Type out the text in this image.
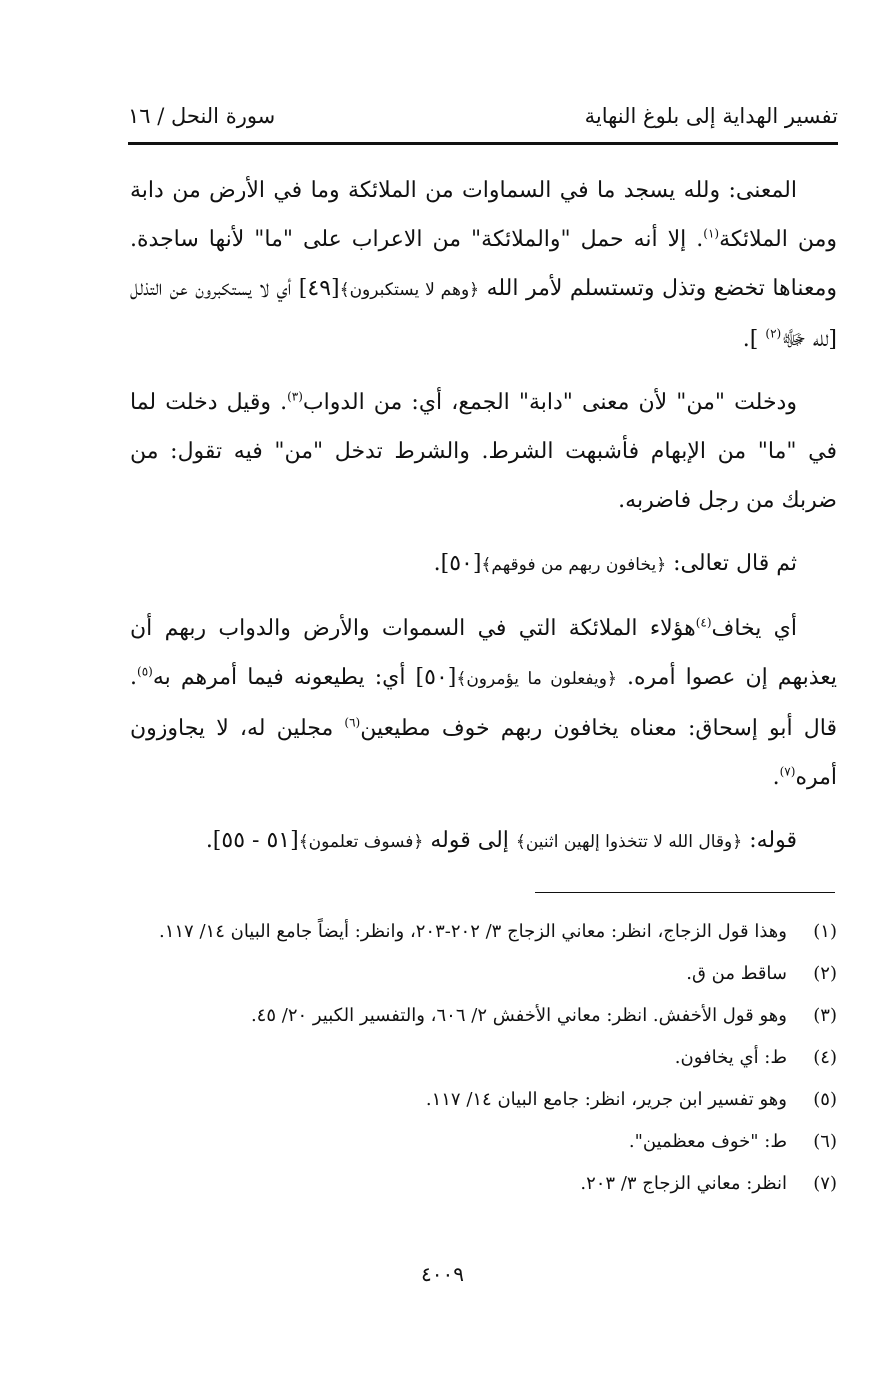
تفسير الهداية إلى بلوغ النهاية
سورة النحل / ١٦

المعنى: ولله يسجد ما في السماوات من الملائكة وما في الأرض من دابة ومن الملائكة$^{(١)}$. إلا أنه حمل "والملائكة" من الاعراب على "ما" لأنها ساجدة. ومعناها تخضع وتذل وتستسلم لأمر الله ﴿وهم لا يستكبرون﴾[٤٩] أي لا يستكبرون عن التذلل [لله ﷻ$^{(٢)}$ ].

ودخلت "من" لأن معنى "دابة" الجمع، أي: من الدواب$^{(٣)}$. وقيل دخلت لما في "ما" من الإبهام فأشبهت الشرط. والشرط تدخل "من" فيه تقول: من ضربك من رجل فاضربه.

ثم قال تعالى: ﴿يخافون ربهم من فوقهم﴾[٥٠].

أي يخاف$^{(٤)}$هؤلاء الملائكة التي في السموات والأرض والدواب ربهم أن يعذبهم إن عصوا أمره. ﴿ويفعلون ما يؤمرون﴾[٥٠] أي: يطيعونه فيما أمرهم به$^{(٥)}$. قال أبو إسحاق: معناه يخافون ربهم خوف مطيعين$^{(٦)}$ مجلين له، لا يجاوزون أمره$^{(٧)}$.

قوله: ﴿وقال الله لا تتخذوا إلهين اثنين﴾ إلى قوله ﴿فسوف تعلمون﴾[٥١ - ٥٥].

(١)
وهذا قول الزجاج، انظر: معاني الزجاج ٣/ ٢٠٢-٢٠٣، وانظر: أيضاً جامع البيان ١٤/ ١١٧.
(٢)
ساقط من ق.
(٣)
وهو قول الأخفش. انظر: معاني الأخفش ٢/ ٦٠٦، والتفسير الكبير ٢٠/ ٤٥.
(٤)
ط: أي يخافون.
(٥)
وهو تفسير ابن جرير، انظر: جامع البيان ١٤/ ١١٧.
(٦)
ط: "خوف معظمين".
(٧)
انظر: معاني الزجاج ٣/ ٢٠٣.
٤٠٠٩
